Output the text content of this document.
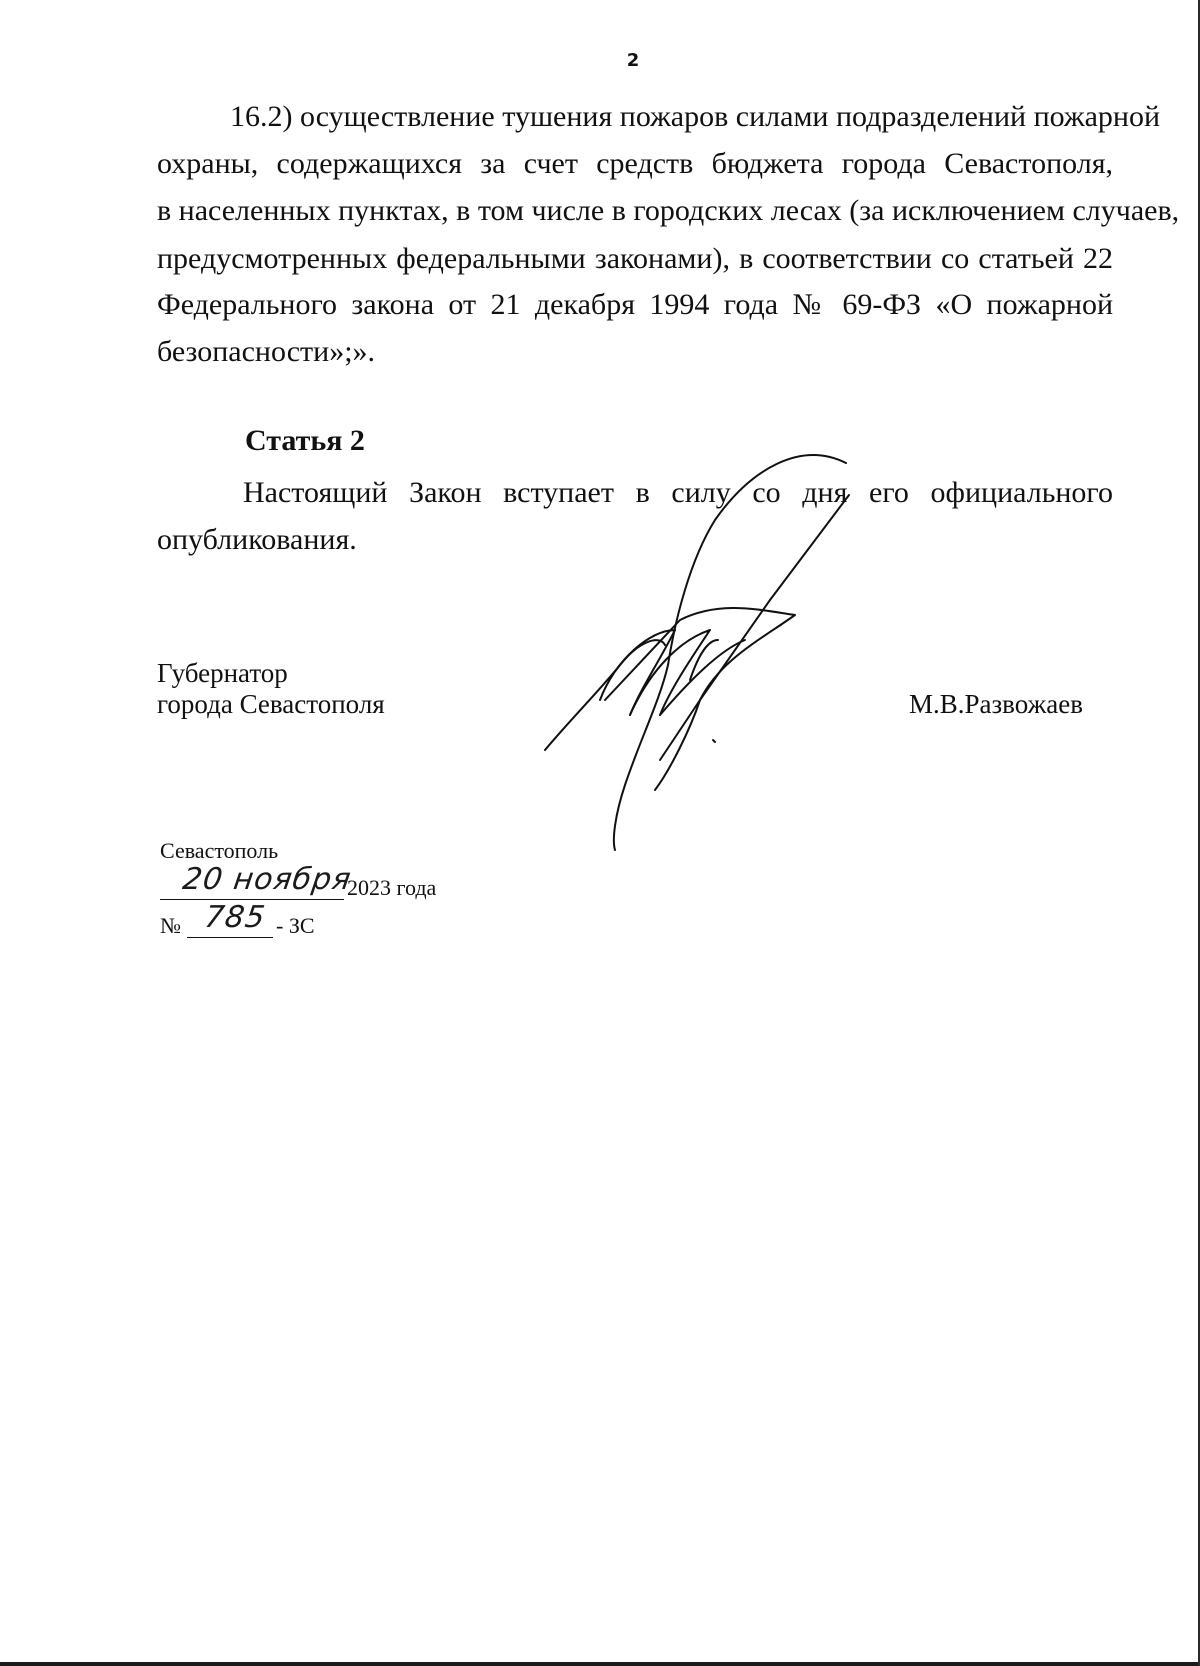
2
16.2) осуществление тушения пожаров силами подразделений пожарной
охраны, содержащихся за счет средств бюджета города Севастополя,
в населенных пунктах, в том числе в городских лесах (за исключением случаев,
предусмотренных федеральными законами), в соответствии со статьей 22
Федерального закона от 21 декабря 1994 года № 69-ФЗ «О пожарной
безопасности»;».
Статья 2
Настоящий Закон вступает в силу со дня его официального
опубликования.
Губернатор
города Севастополя	М.В.Развожаев
Севастополь
20 ноября
2023 года
№ 785 - ЗС
